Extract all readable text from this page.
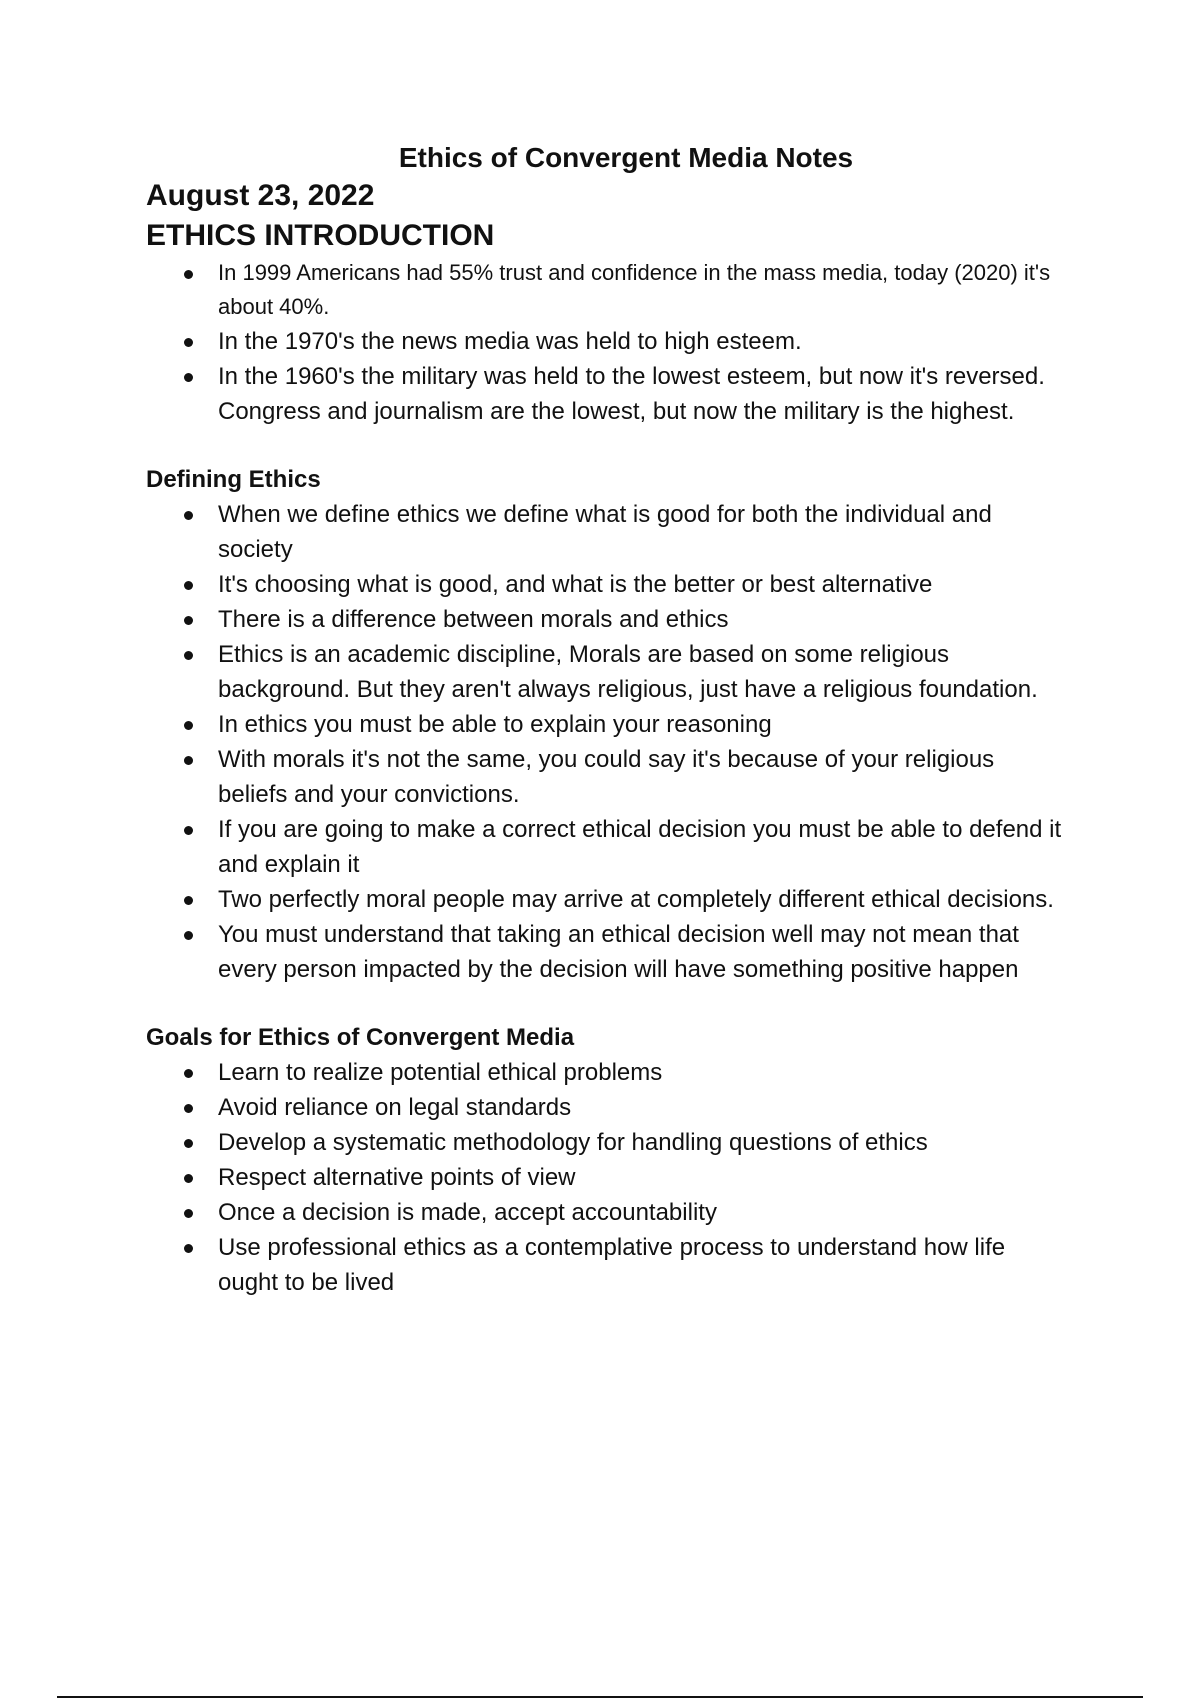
Ethics of Convergent Media Notes
August 23, 2022
ETHICS INTRODUCTION
In 1999 Americans had 55% trust and confidence in the mass media, today (2020) it's about 40%.
In the 1970's the news media was held to high esteem.
In the 1960's the military was held to the lowest esteem, but now it's reversed. Congress and journalism are the lowest, but now the military is the highest.
Defining Ethics
When we define ethics we define what is good for both the individual and society
It's choosing what is good, and what is the better or best alternative
There is a difference between morals and ethics
Ethics is an academic discipline, Morals are based on some religious background. But they aren't always religious, just have a religious foundation.
In ethics you must be able to explain your reasoning
With morals it's not the same, you could say it's because of your religious beliefs and your convictions.
If you are going to make a correct ethical decision you must be able to defend it and explain it
Two perfectly moral people may arrive at completely different ethical decisions.
You must understand that taking an ethical decision well may not mean that every person impacted by the decision will have something positive happen
Goals for Ethics of Convergent Media
Learn to realize potential ethical problems
Avoid reliance on legal standards
Develop a systematic methodology for handling questions of ethics
Respect alternative points of view
Once a decision is made, accept accountability
Use professional ethics as a contemplative process to understand how life ought to be lived
